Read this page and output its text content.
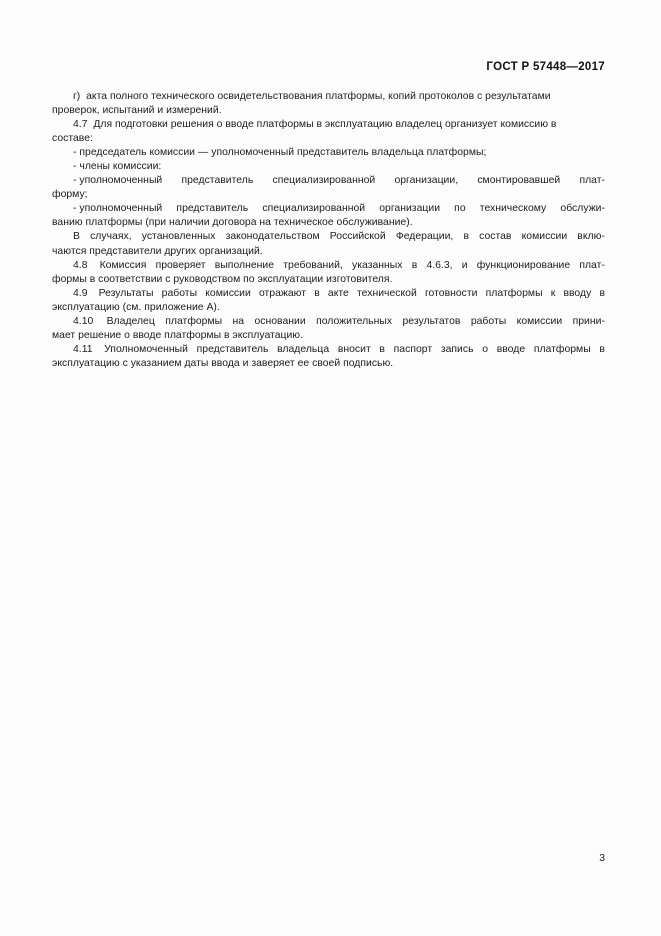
ГОСТ Р 57448—2017
г)  акта полного технического освидетельствования платформы, копий протоколов с результатами
проверок, испытаний и измерений.
4.7  Для подготовки решения о вводе платформы в эксплуатацию владелец организует комиссию в
составе:
- председатель комиссии — уполномоченный представитель владельца платформы;
- члены комиссии:
- уполномоченный представитель специализированной организации, смонтировавшей плат-
форму;
- уполномоченный представитель специализированной организации по техническому обслужи-
ванию платформы (при наличии договора на техническое обслуживание).
В случаях, установленных законодательством Российской Федерации, в состав комиссии вклю-
чаются представители других организаций.
4.8 Комиссия проверяет выполнение требований, указанных в 4.6.3, и функционирование плат-
формы в соответствии с руководством по эксплуатации изготовителя.
4.9 Результаты работы комиссии отражают в акте технической готовности платформы к вводу в
эксплуатацию (см. приложение А).
4.10 Владелец платформы на основании положительных результатов работы комиссии прини-
мает решение о вводе платформы в эксплуатацию.
4.11 Уполномоченный представитель владельца вносит в паспорт запись о вводе платформы в
эксплуатацию с указанием даты ввода и заверяет ее своей подписью.
3
